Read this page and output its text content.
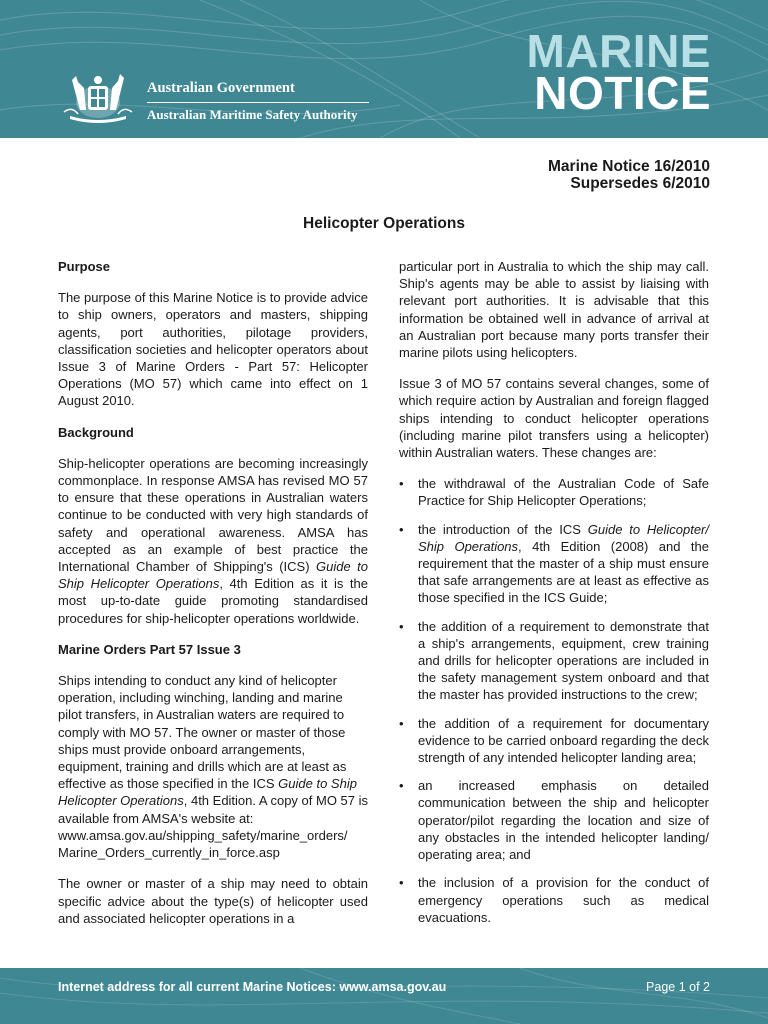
Australian Government
Australian Maritime Safety Authority
MARINE
NOTICE
Marine Notice 16/2010
Supersedes 6/2010
Helicopter Operations
Purpose

The purpose of this Marine Notice is to provide advice to ship owners, operators and masters, shipping agents, port authorities, pilotage providers, classification societies and helicopter operators about Issue 3 of Marine Orders - Part 57: Helicopter Operations (MO 57) which came into effect on 1 August 2010.

Background

Ship-helicopter operations are becoming increasingly commonplace. In response AMSA has revised MO 57 to ensure that these operations in Australian waters continue to be conducted with very high standards of safety and operational awareness. AMSA has accepted as an example of best practice the International Chamber of Shipping's (ICS) Guide to Ship Helicopter Operations, 4th Edition as it is the most up-to-date guide promoting standardised procedures for ship-helicopter operations worldwide.

Marine Orders Part 57 Issue 3

Ships intending to conduct any kind of helicopter operation, including winching, landing and marine pilot transfers, in Australian waters are required to comply with MO 57. The owner or master of those ships must provide onboard arrangements, equipment, training and drills which are at least as effective as those specified in the ICS Guide to Ship Helicopter Operations, 4th Edition. A copy of MO 57 is available from AMSA's website at: www.amsa.gov.au/shipping_safety/marine_orders/ Marine_Orders_currently_in_force.asp

The owner or master of a ship may need to obtain specific advice about the type(s) of helicopter used and associated helicopter operations in a

particular port in Australia to which the ship may call. Ship's agents may be able to assist by liaising with relevant port authorities. It is advisable that this information be obtained well in advance of arrival at an Australian port because many ports transfer their marine pilots using helicopters.

Issue 3 of MO 57 contains several changes, some of which require action by Australian and foreign flagged ships intending to conduct helicopter operations (including marine pilot transfers using a helicopter) within Australian waters. These changes are:

• the withdrawal of the Australian Code of Safe Practice for Ship Helicopter Operations;
• the introduction of the ICS Guide to Helicopter/ Ship Operations, 4th Edition (2008) and the requirement that the master of a ship must ensure that safe arrangements are at least as effective as those specified in the ICS Guide;
• the addition of a requirement to demonstrate that a ship's arrangements, equipment, crew training and drills for helicopter operations are included in the safety management system onboard and that the master has provided instructions to the crew;
• the addition of a requirement for documentary evidence to be carried onboard regarding the deck strength of any intended helicopter landing area;
• an increased emphasis on detailed communication between the ship and helicopter operator/pilot regarding the location and size of any obstacles in the intended helicopter landing/ operating area; and
• the inclusion of a provision for the conduct of emergency operations such as medical evacuations.
Internet address for all current Marine Notices: www.amsa.gov.au	Page 1 of 2
